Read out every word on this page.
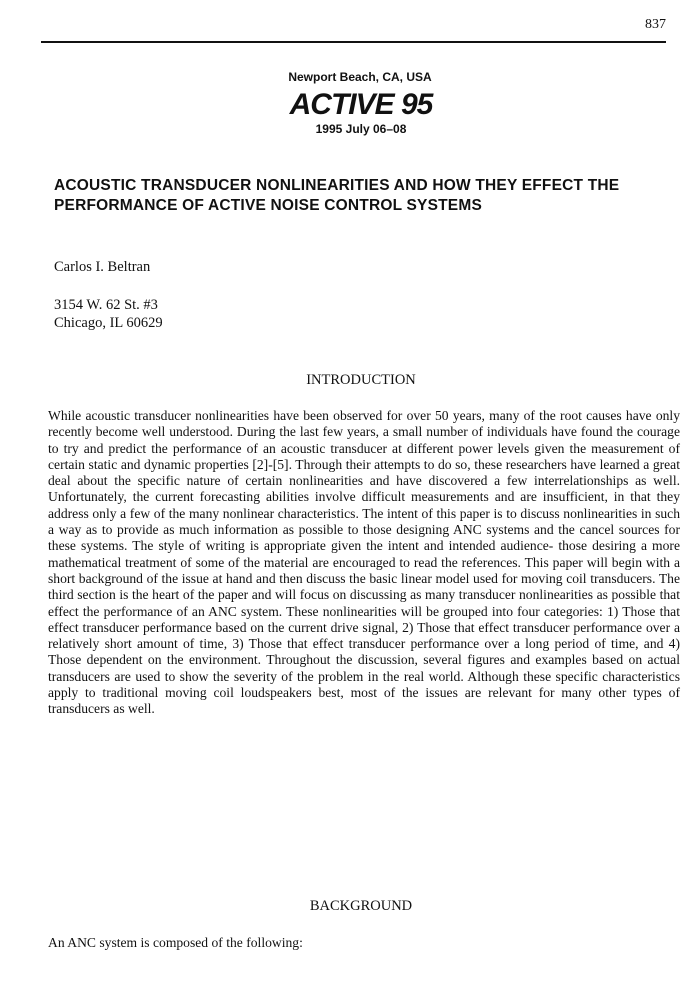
837
Newport Beach, CA, USA
ACTIVE 95
1995 July 06–08
ACOUSTIC TRANSDUCER NONLINEARITIES AND HOW THEY EFFECT THE PERFORMANCE OF ACTIVE NOISE CONTROL SYSTEMS
Carlos I. Beltran
3154 W. 62 St. #3
Chicago, IL 60629
INTRODUCTION
While acoustic transducer nonlinearities have been observed for over 50 years, many of the root causes have only recently become well understood. During the last few years, a small number of individuals have found the courage to try and predict the performance of an acoustic transducer at different power levels given the measurement of certain static and dynamic properties [2]-[5]. Through their attempts to do so, these researchers have learned a great deal about the specific nature of certain nonlinearities and have discovered a few interrelationships as well. Unfortunately, the current forecasting abilities involve difficult measurements and are insufficient, in that they address only a few of the many nonlinear characteristics. The intent of this paper is to discuss nonlinearities in such a way as to provide as much information as possible to those designing ANC systems and the cancel sources for these systems. The style of writing is appropriate given the intent and intended audience- those desiring a more mathematical treatment of some of the material are encouraged to read the references. This paper will begin with a short background of the issue at hand and then discuss the basic linear model used for moving coil transducers. The third section is the heart of the paper and will focus on discussing as many transducer nonlinearities as possible that effect the performance of an ANC system. These nonlinearities will be grouped into four categories: 1) Those that effect transducer performance based on the current drive signal, 2) Those that effect transducer performance over a relatively short amount of time, 3) Those that effect transducer performance over a long period of time, and 4) Those dependent on the environment. Throughout the discussion, several figures and examples based on actual transducers are used to show the severity of the problem in the real world. Although these specific characteristics apply to traditional moving coil loudspeakers best, most of the issues are relevant for many other types of transducers as well.
BACKGROUND
An ANC system is composed of the following:
